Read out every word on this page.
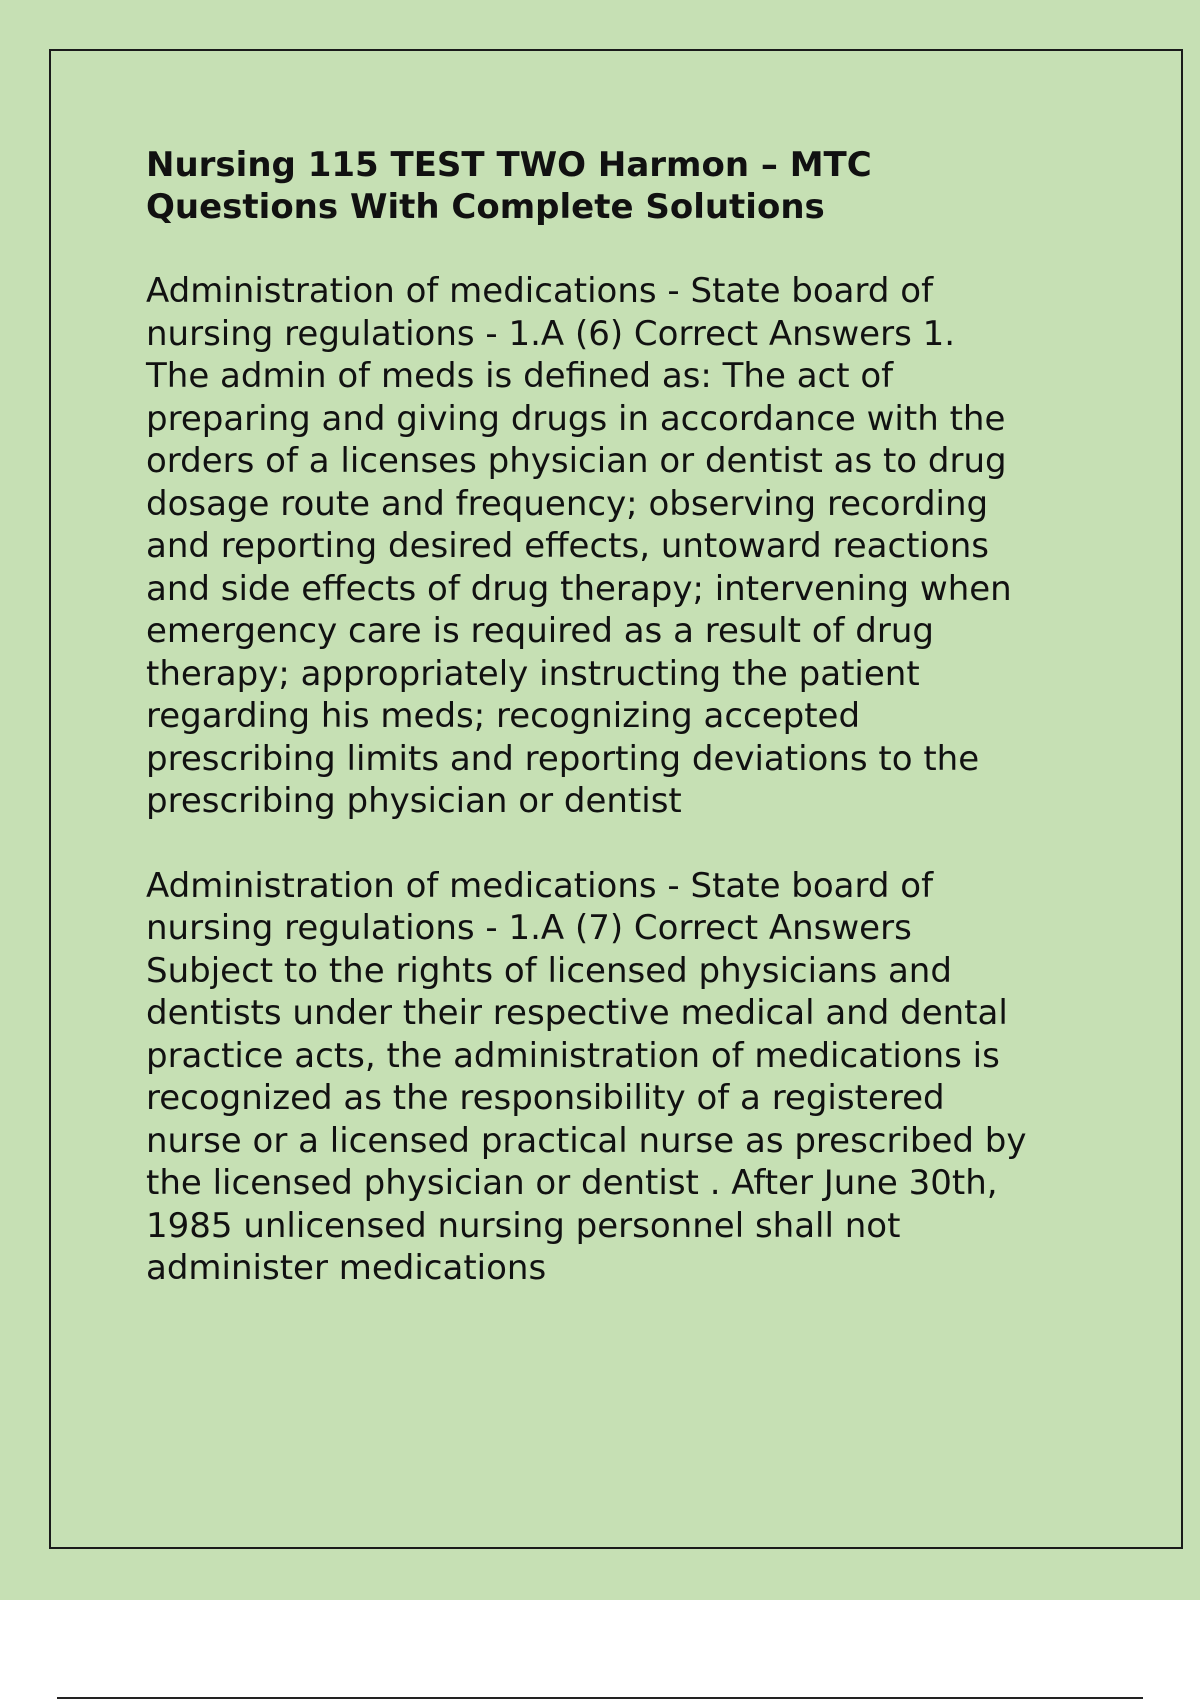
Nursing 115 TEST TWO Harmon – MTC
Questions With Complete Solutions

Administration of medications - State board of
nursing regulations - 1.A (6) Correct Answers 1.
The admin of meds is defined as: The act of
preparing and giving drugs in accordance with the
orders of a licenses physician or dentist as to drug
dosage route and frequency; observing recording
and reporting desired effects, untoward reactions
and side effects of drug therapy; intervening when
emergency care is required as a result of drug
therapy; appropriately instructing the patient
regarding his meds; recognizing accepted
prescribing limits and reporting deviations to the
prescribing physician or dentist

Administration of medications - State board of
nursing regulations - 1.A (7) Correct Answers
Subject to the rights of licensed physicians and
dentists under their respective medical and dental
practice acts, the administration of medications is
recognized as the responsibility of a registered
nurse or a licensed practical nurse as prescribed by
the licensed physician or dentist . After June 30th,
1985 unlicensed nursing personnel shall not
administer medications
